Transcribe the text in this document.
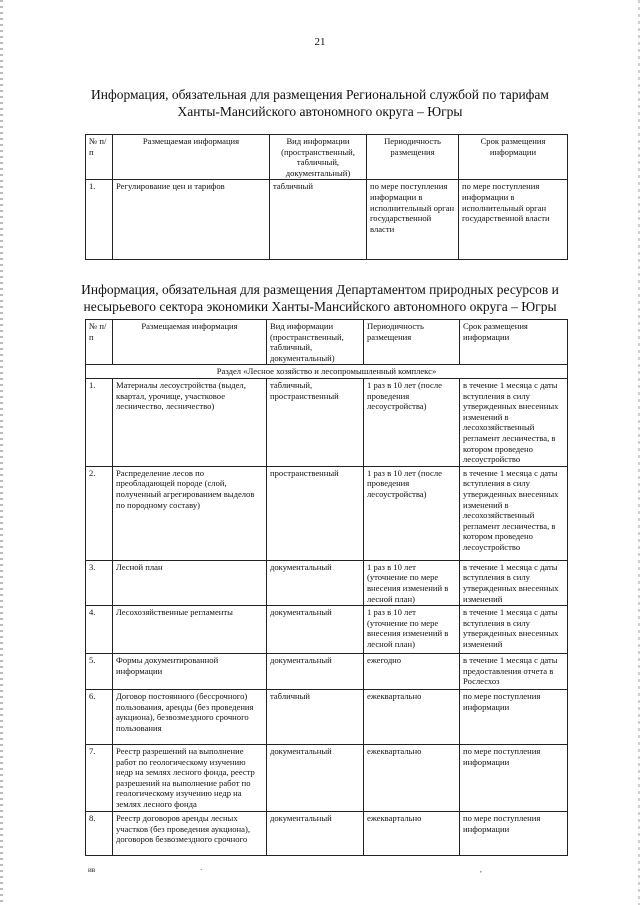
21
Информация, обязательная для размещения Региональной службой по тарифам
Ханты-Мансийского автономного округа – Югры
№ п/п	Размещаемая информация	Вид информации (пространственный, табличный, документальный)	Периодичность размещения	Срок размещения информации
1.	Регулирование цен и тарифов	табличный	по мере поступления информации в исполнительный орган государственной власти	по мере поступления информации в исполнительный орган государственной власти
Информация, обязательная для размещения Департаментом природных ресурсов и
несырьевого сектора экономики Ханты-Мансийского автономного округа – Югры
№ п/п	Размещаемая информация	Вид информации (пространственный, табличный, документальный)	Периодичность размещения	Срок размещения информации
Раздел «Лесное хозяйство и лесопромышленный комплекс»				
1.	Материалы лесоустройства (выдел, квартал, урочище, участковое лесничество, лесничество)	табличный, пространственный	1 раз в 10 лет (после проведения лесоустройства)	в течение 1 месяца с даты вступления в силу утвержденных внесенных изменений в лесохозяйственный регламент лесничества, в котором проведено лесоустройство
2.	Распределение лесов по преобладающей породе (слой, полученный агрегированием выделов по породному составу)	пространственный	1 раз в 10 лет (после проведения лесоустройства)	в течение 1 месяца с даты вступления в силу утвержденных внесенных изменений в лесохозяйственный регламент лесничества, в котором проведено лесоустройство
3.	Лесной план	документальный	1 раз в 10 лет (уточнение по мере внесения изменений в лесной план)	в течение 1 месяца с даты вступления в силу утвержденных внесенных изменений
4.	Лесохозяйственные регламенты	документальный	1 раз в 10 лет (уточнение по мере внесения изменений в лесной план)	в течение 1 месяца с даты вступления в силу утвержденных внесенных изменений
5.	Формы документированной информации	документальный	ежегодно	в течение 1 месяца с даты предоставления отчета в Рослесхоз
6.	Договор постоянного (бессрочного) пользования, аренды (без проведения аукциона), безвозмездного срочного пользования	табличный	ежеквартально	по мере поступления информации
7.	Реестр разрешений на выполнение работ по геологическому изучению недр на землях лесного фонда, реестр разрешений на выполнение работ по геологическому изучению недр на землях лесного фонда	документальный	ежеквартально	по мере поступления информации
8.	Реестр договоров аренды лесных участков (без проведения аукциона), договоров безвозмездного срочного	документальный	ежеквартально	по мере поступления информации
ив	·	,
